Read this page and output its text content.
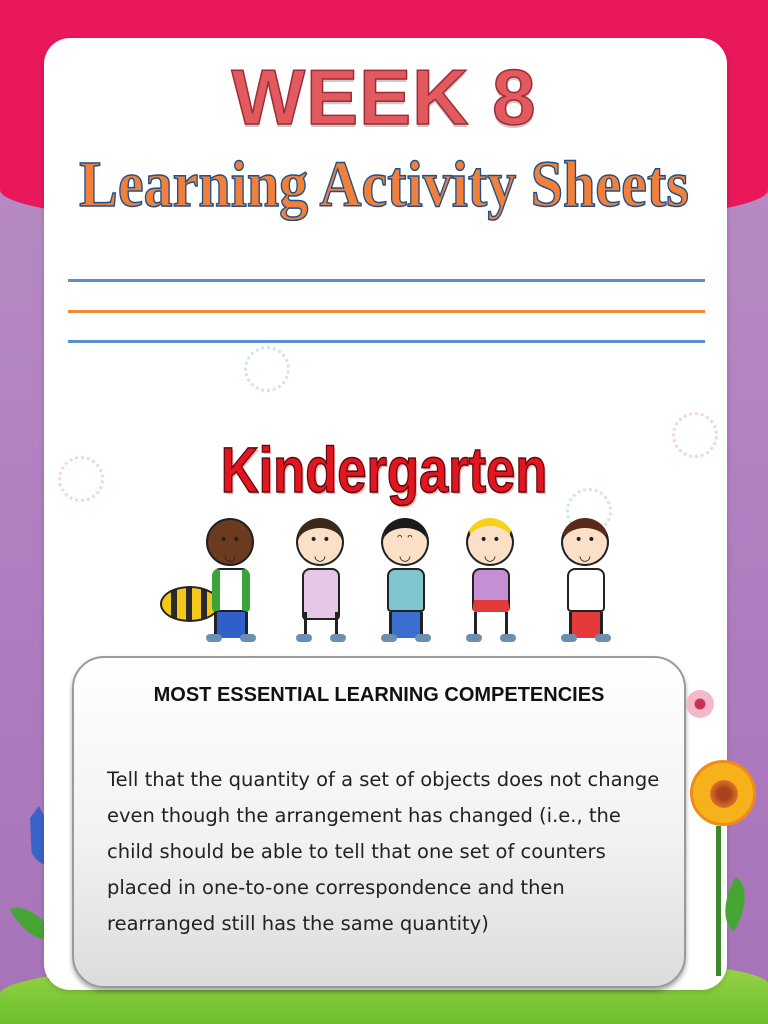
WEEK 8
Learning Activity Sheets
Kindergarten
• •
◡
• •
◡
ᵔ ᵔ
◡
• •
◡
• •
◡
MOST ESSENTIAL LEARNING COMPETENCIES
Tell that the quantity of a set of objects does not change even though the arrangement has changed (i.e., the child should be able to tell that one set of counters placed in one-to-one correspondence and then rearranged still has the same quantity)
